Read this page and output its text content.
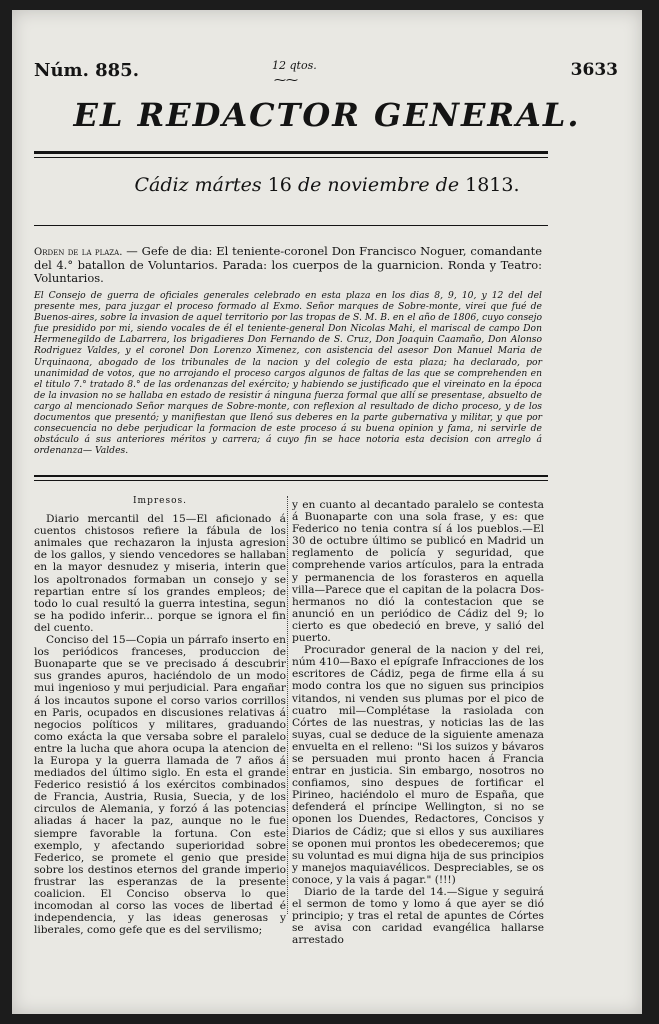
Núm. 885.	12 qtos.
⁓⁓	3633
EL REDACTOR GENERAL.
Cádiz mártes 16 de noviembre de 1813.

Orden de la plaza. — Gefe de dia: El teniente-coronel Don Francisco Noguer, comandante del 4.° batallon de Voluntarios. Parada: los cuerpos de la guarnicion. Ronda y Teatro: Voluntarios.

El Consejo de guerra de oficiales generales celebrado en esta plaza en los dias 8, 9, 10, y 12 del del presente mes, para juzgar el proceso formado al Exmo. Señor marques de Sobre-monte, virei que fué de Buenos-aires, sobre la invasion de aquel territorio por las tropas de S. M. B. en el año de 1806, cuyo consejo fue presidido por mi, siendo vocales de él el teniente-general Don Nicolas Mahi, el mariscal de campo Don Hermenegildo de Labarrera, los brigadieres Don Fernando de S. Cruz, Don Joaquin Caamaño, Don Alonso Rodriguez Valdes, y el coronel Don Lorenzo Ximenez, con asistencia del asesor Don Manuel Maria de Urquinaona, abogado de los tribunales de la nacion y del colegio de esta plaza; ha declarado, por unanimidad de votos, que no arrojando el proceso cargos algunos de faltas de las que se comprehenden en el titulo 7.° tratado 8.° de las ordenanzas del exército; y habiendo se justificado que el vireinato en la época de la invasion no se hallaba en estado de resistir á ninguna fuerza formal que allí se presentase, absuelto de cargo al mencionado Señor marques de Sobre-monte, con reflexion al resultado de dicho proceso, y de los documentos que presentó; y manifiestan que llenó sus deberes en la parte gubernativa y militar, y que por consecuencia no debe perjudicar la formacion de este proceso á su buena opinion y fama, ni servirle de obstáculo á sus anteriores méritos y carrera; á cuyo fin se hace notoria esta decision con arreglo á ordenanza— Valdes.

Impresos.

Diario mercantil del 15—El aficionado á cuentos chistosos refiere la fábula de los animales que rechazaron la injusta agresion de los gallos, y siendo vencedores se hallaban en la mayor desnudez y miseria, interin que los apoltronados formaban un consejo y se repartian entre sí los grandes empleos; de todo lo cual resultó la guerra intestina, segun se ha podido inferir... porque se ignora el fin del cuento.

Conciso del 15—Copia un párrafo inserto en los periódicos franceses, produccion de Buonaparte que se ve precisado á descubrir sus grandes apuros, haciéndolo de un modo mui ingenioso y mui perjudicial. Para engañar á los incautos supone el corso varios corrillos en Paris, ocupados en discusiones relativas á negocios políticos y militares, graduando como exácta la que versaba sobre el paralelo entre la lucha que ahora ocupa la atencion de la Europa y la guerra llamada de 7 años á mediados del último siglo. En esta el grande Federico resistió á los exércitos combinados de Francia, Austria, Rusia, Suecia, y de los circulos de Alemania, y forzó á las potencias aliadas á hacer la paz, aunque no le fue siempre favorable la fortuna. Con este exemplo, y afectando superioridad sobre Federico, se promete el genio que preside sobre los destinos eternos del grande imperio frustrar las esperanzas de la presente coalicion. El Conciso observa lo que incomodan al corso las voces de libertad é independencia, y las ideas generosas y liberales, como gefe que es del servilismo;

y en cuanto al decantado paralelo se contesta á Buonaparte con una sola frase, y es: que Federico no tenia contra sí á los pueblos.—El 30 de octubre último se publicó en Madrid un reglamento de policía y seguridad, que comprehende varios artículos, para la entrada y permanencia de los forasteros en aquella villa—Parece que el capitan de la polacra Dos-hermanos no dió la contestacion que se anunció en un periódico de Cádiz del 9; lo cierto es que obedeció en breve, y salió del puerto.

Procurador general de la nacion y del rei, núm 410—Baxo el epígrafe Infracciones de los escritores de Cádiz, pega de firme ella á su modo contra los que no siguen sus principios vitandos, ni venden sus plumas por el pico de cuatro mil—Complétase la rasiolada con Córtes de las nuestras, y noticias las de las suyas, cual se deduce de la siguiente amenaza envuelta en el relleno: "Si los suizos y bávaros se persuaden mui pronto hacen á Francia entrar en justicia. Sin embargo, nosotros no confiamos, sino despues de fortificar el Pirineo, haciéndolo el muro de España, que defenderá el príncipe Wellington, si no se oponen los Duendes, Redactores, Concisos y Diarios de Cádiz; que si ellos y sus auxiliares se oponen mui prontos les obedeceremos; que su voluntad es mui digna hija de sus principios y manejos maquiavélicos. Despreciables, se os conoce, y la vais á pagar." (!!!)

Diario de la tarde del 14.—Sigue y seguirá el sermon de tomo y lomo á que ayer se dió principio; y tras el retal de apuntes de Córtes se avisa con caridad evangélica hallarse arrestado
